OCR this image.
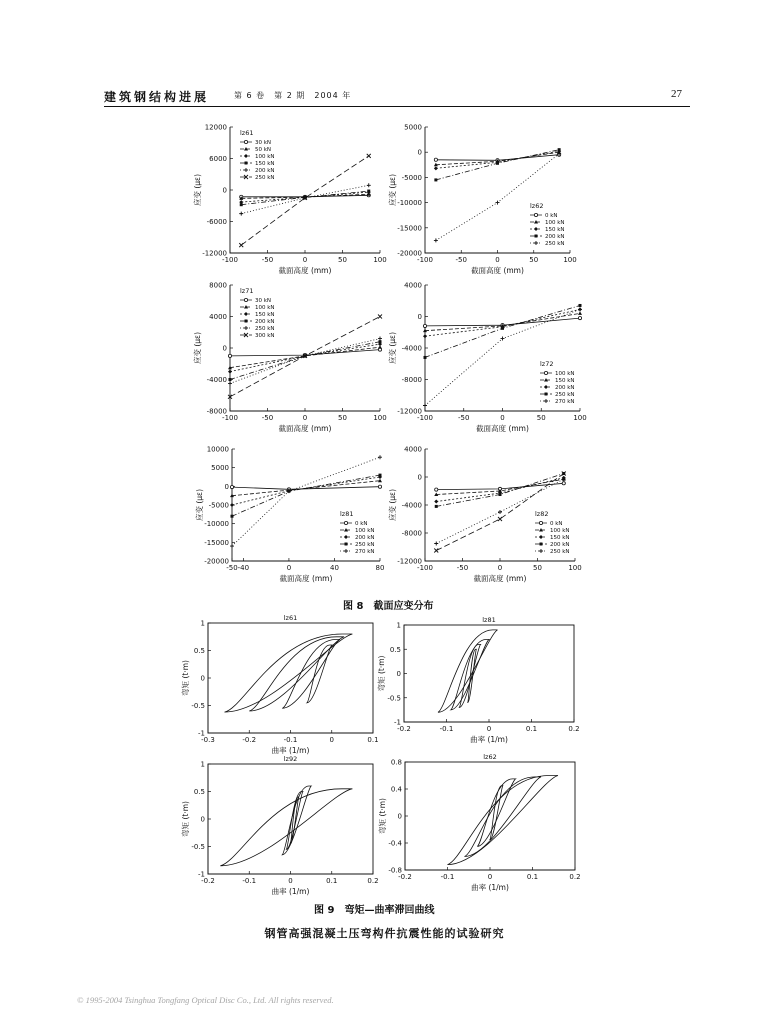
建筑钢结构进展	第 6 卷　第 2 期　2004 年	27
-100	-50	0	50	100
-12000
-6000
0
6000
12000
截面高度 (mm)
应变 (με)
lz61
30 kN
50 kN
100 kN
150 kN
200 kN
250 kN
-100	-50	0	50	100
-20000
-15000
-10000
-5000
0
5000
截面高度 (mm)
应变 (με)	lz62
0 kN
100 kN
150 kN
200 kN
250 kN
-100	-50	0	50	100
-8000
-4000
0
4000
8000
截面高度 (mm)
应变 (με)
lz71
30 kN
100 kN
150 kN
200 kN
250 kN
300 kN
-100	-50	0	50	100
-12000
-8000
-4000
0
4000
截面高度 (mm)
应变 (με)	lz72
100 kN
150 kN
200 kN
250 kN
270 kN
-50 -40	0	40	80
-20000
-15000
-10000
-5000
0
5000
10000
截面高度 (mm)
应变 (με)	lz81
0 kN
100 kN
200 kN
250 kN
270 kN
-100	-50	0	50	100
-12000
-8000
-4000
0
4000
截面高度 (mm)
应变 (με)	lz82
0 kN
100 kN
150 kN
200 kN
250 kN
-0.3	-0.2	-0.1	0	0.1
-1
-0.5
0
0.5
1
曲率 (1/m)
弯矩 (t·m)
lz61
-0.2	-0.1	0	0.1	0.2
-1
-0.5
0
0.5
1
曲率 (1/m)
弯矩 (t·m)
lz81
-0.2	-0.1	0	0.1	0.2
-1
-0.5
0
0.5
1
曲率 (1/m)
弯矩 (t·m)
lz92
-0.2	-0.1	0	0.1	0.2
-0.8
-0.4
0
0.4
0.8
曲率 (1/m)
弯矩 (t·m)
lz62
图 8　截面应变分布
图 9　弯矩—曲率滞回曲线
钢管高强混凝土压弯构件抗震性能的试验研究
© 1995-2004 Tsinghua Tongfang Optical Disc Co., Ltd. All rights reserved.
